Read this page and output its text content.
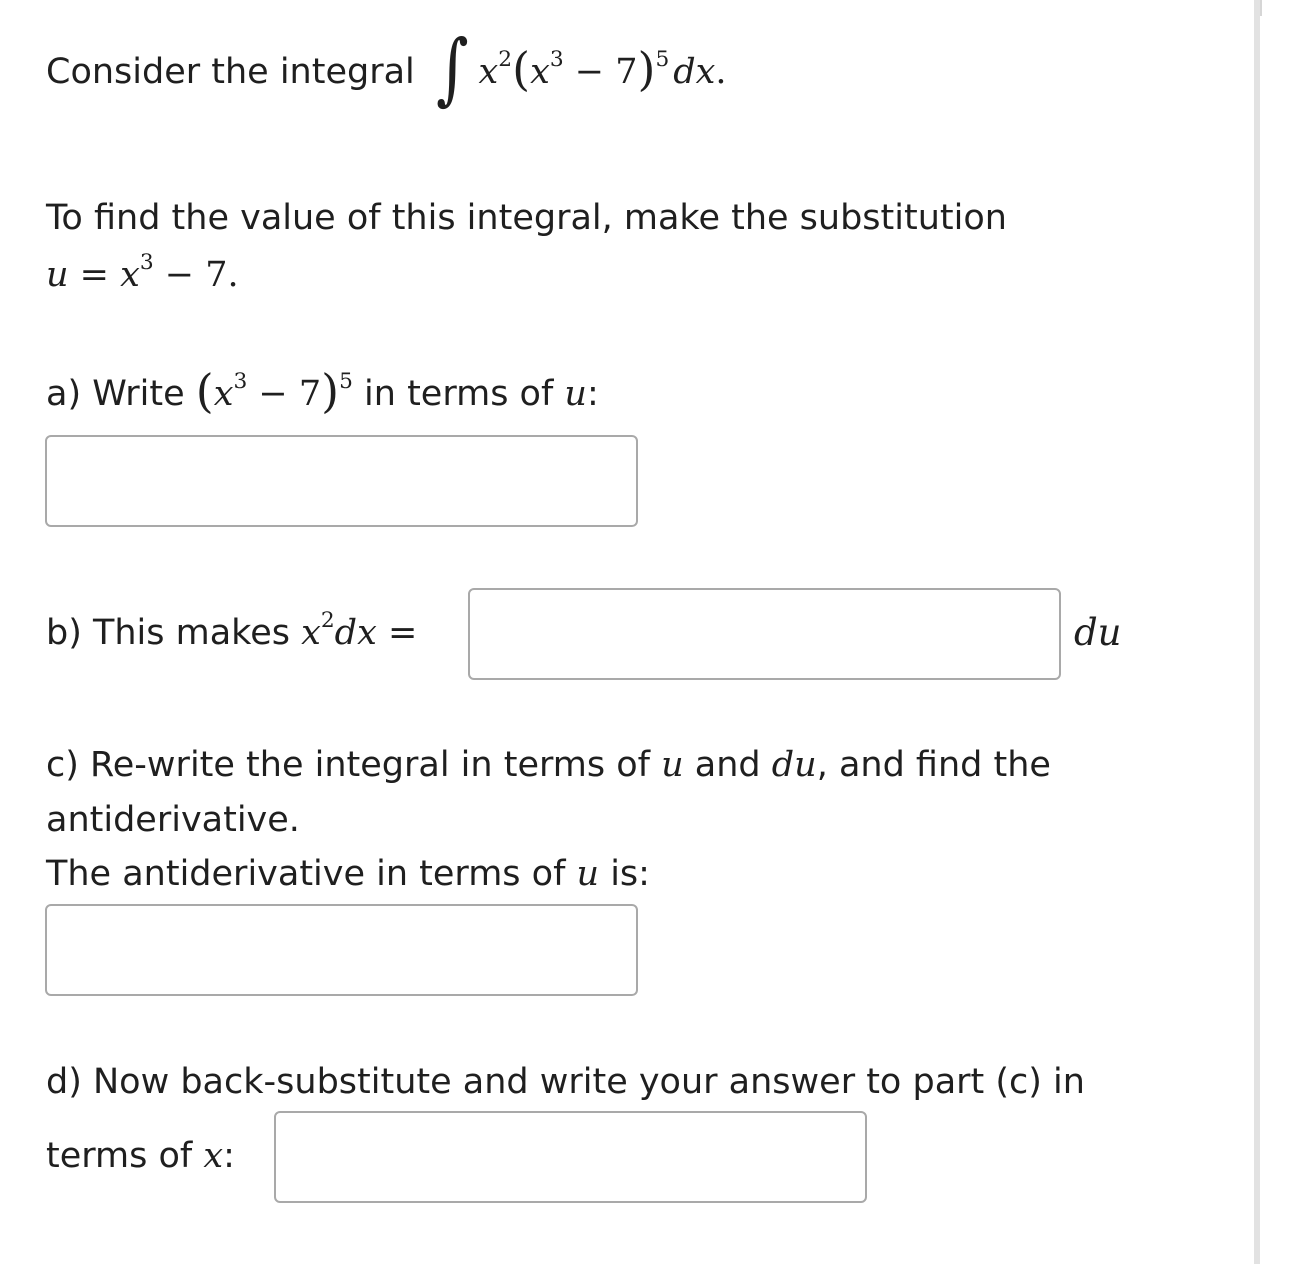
Consider the integral ∫ $x^2(x^3 - 7)^5$ dx.
To find the value of this integral, make the substitution
$u = x^3 - 7$.
a) Write $(x^3 - 7)^5$ in terms of u:
b) This makes $x^2dx$ =	du
c) Re-write the integral in terms of u and du, and find the
antiderivative.
The antiderivative in terms of u is:
d) Now back-substitute and write your answer to part (c) in
terms of x:
